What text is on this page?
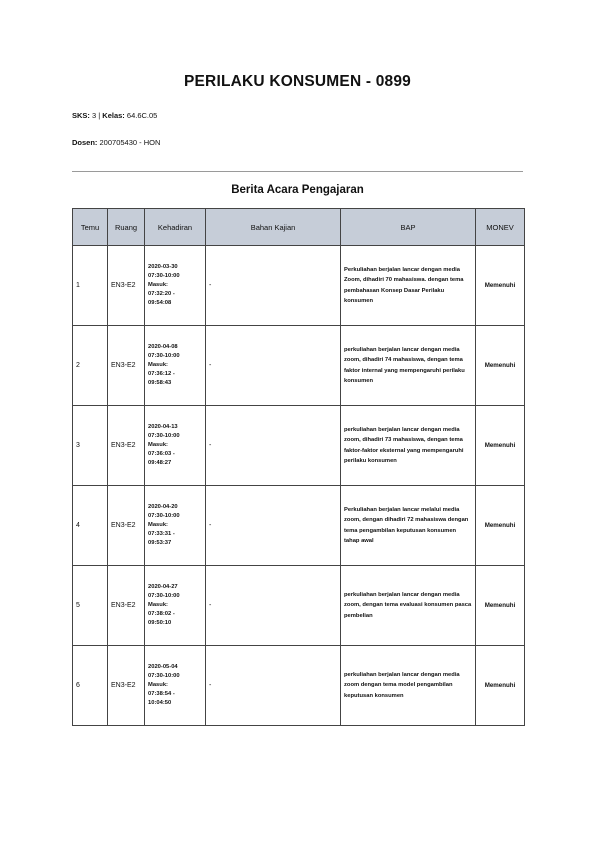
PERILAKU KONSUMEN - 0899
SKS: 3 | Kelas: 64.6C.05
Dosen: 200705430 - HON
Berita Acara Pengajaran
Temu	Ruang	Kehadiran	Bahan Kajian	BAP	MONEV
1	EN3-E2	2020-03-30
07:30-10:00
Masuk:
07:32:20 -
09:54:08	-	Perkuliahan berjalan lancar dengan media Zoom, dihadiri 70 mahasiswa. dengan tema pembahasan Konsep Dasar Perilaku konsumen	Memenuhi
2	EN3-E2	2020-04-08
07:30-10:00
Masuk:
07:36:12 -
09:58:43	-	perkuliahan berjalan lancar dengan media zoom, dihadiri 74 mahasiswa, dengan tema faktor internal yang mempengaruhi perilaku konsumen	Memenuhi
3	EN3-E2	2020-04-13
07:30-10:00
Masuk:
07:36:03 -
09:48:27	-	perkuliahan berjalan lancar dengan media zoom, dihadiri 73 mahasiswa, dengan tema faktor-faktor eksternal yang mempengaruhi perilaku konsumen	Memenuhi
4	EN3-E2	2020-04-20
07:30-10:00
Masuk:
07:33:31 -
09:53:37	-	Perkuliahan berjalan lancar melalui media zoom, dengan dihadiri 72 mahasiswa dengan tema pengambilan keputusan konsumen tahap awal	Memenuhi
5	EN3-E2	2020-04-27
07:30-10:00
Masuk:
07:38:02 -
09:50:10	-	perkuliahan berjalan lancar dengan media zoom, dengan tema evaluasi konsumen pasca pembelian	Memenuhi
6	EN3-E2	2020-05-04
07:30-10:00
Masuk:
07:38:54 -
10:04:50	-	perkuliahan berjalan lancar dengan media zoom dengan tema model pengambilan keputusan konsumen	Memenuhi
